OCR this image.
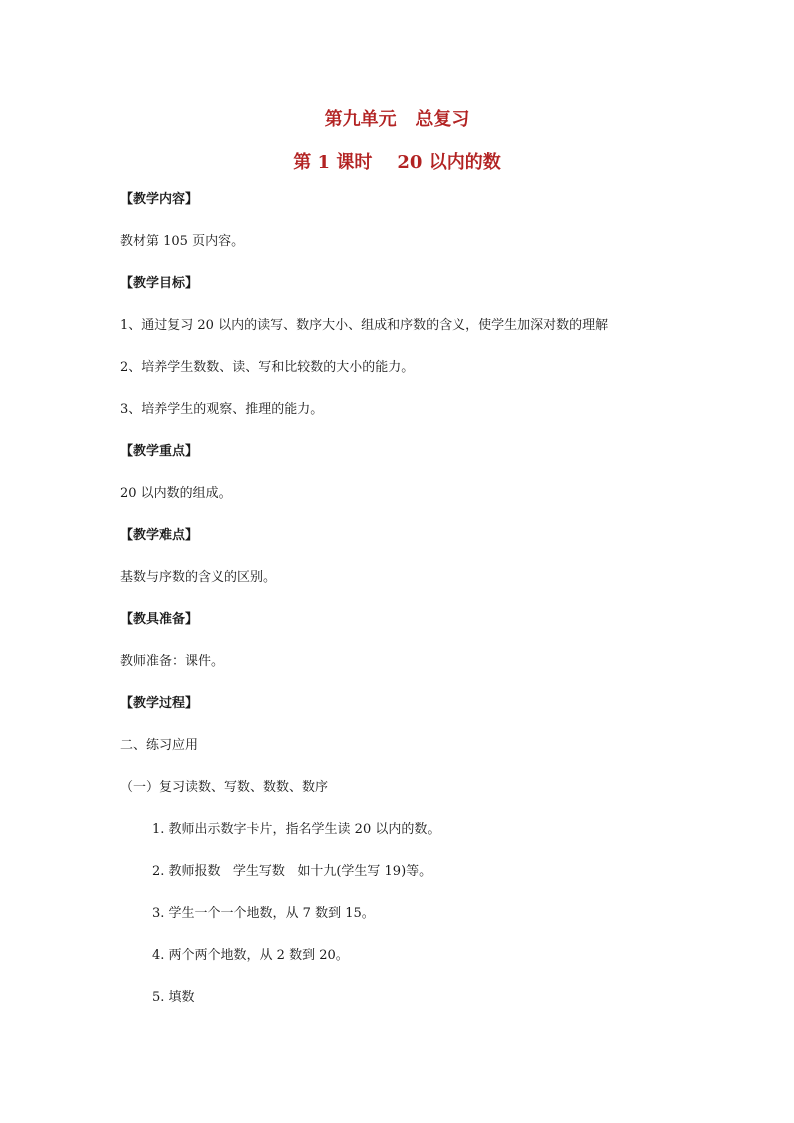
第九单元   总复习
第 1 课时    20 以内的数
【教学内容】
教材第 105 页内容。
【教学目标】
1、通过复习 20 以内的读写、数序大小、组成和序数的含义，使学生加深对数的理解
2、培养学生数数、读、写和比较数的大小的能力。
3、培养学生的观察、推理的能力。
【教学重点】
20 以内数的组成。
【教学难点】
基数与序数的含义的区别。
【教具准备】
教师准备：课件。
【教学过程】
二、练习应用
（一）复习读数、写数、数数、数序
1. 教师出示数字卡片，指名学生读 20 以内的数。
2. 教师报数   学生写数   如十九(学生写 19)等。
3. 学生一个一个地数，从 7 数到 15。
4. 两个两个地数，从 2 数到 20。
5. 填数
